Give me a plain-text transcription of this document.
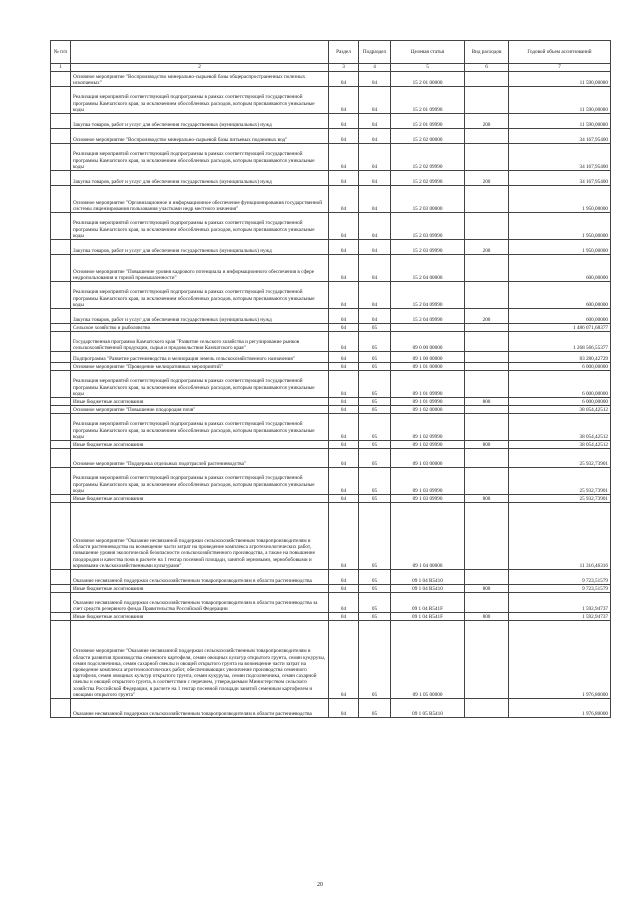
№ п/п		Раздел	Подраздел	Целевая статья	Вид расходов	Годовой объем ассигнований
1	2	3	4	5	6	7
	Основное мероприятие "Воспроизводство минерально-сырьевой базы общераспространенных полезных ископаемых"	04	04	15 2 01 00000		11 590,00000
	Реализация мероприятий соответствующей подпрограммы в рамках соответствующей государственной программы Камчатского края, за исключением обособленных расходов, которым присваиваются уникальные коды	04	04	15 2 01 09990		11 590,00000
	Закупка товаров, работ и услуг для обеспечения государственных (муниципальных) нужд	04	04	15 2 01 09990	200	11 590,00000
	Основное мероприятие "Воспроизводство минерально-сырьевой базы питьевых подземных вод"	04	04	15 2 02 00000		34 167,95400
	Реализация мероприятий соответствующей подпрограммы в рамках соответствующей государственной программы Камчатского края, за исключением обособленных расходов, которым присваиваются уникальные коды	04	04	15 2 02 09990		34 167,95400
	Закупка товаров, работ и услуг для обеспечения государственных (муниципальных) нужд	04	04	15 2 02 09990	200	34 167,95400
	Основное мероприятие "Организационное и информационное обеспечение функционирования государственной системы лицензирования пользования участками недр местного значения"	04	04	15 2 03 00000		1 950,00000
	Реализация мероприятий соответствующей подпрограммы в рамках соответствующей государственной программы Камчатского края, за исключением обособленных расходов, которым присваиваются уникальные коды	04	04	15 2 03 09990		1 950,00000
	Закупка товаров, работ и услуг для обеспечения государственных (муниципальных) нужд	04	04	15 2 03 09990	200	1 950,00000
	Основное мероприятие "Повышение уровня кадрового потенциала и информационного обеспечения в сфере недропользования и горной промышленности"	04	04	15 2 04 00000		600,00000
	Реализация мероприятий соответствующей подпрограммы в рамках соответствующей государственной программы Камчатского края, за исключением обособленных расходов, которым присваиваются уникальные коды	04	04	15 2 04 09990		600,00000
	Закупка товаров, работ и услуг для обеспечения государственных (муниципальных) нужд	04	04	15 2 04 09990	200	600,00000
	Сельское хозяйство и рыболовство	04	05			1 486 071,68377
	Государственная программа Камчатского края "Развитие сельского хозяйства и регулирование рынков сельскохозяйственной продукции, сырья и продовольствия Камчатского края"	04	05	09 0 00 00000		1 268 566,55377
	Подпрограмма "Развитие растениеводства и мелиорация земель сельскохозяйственного назначения"	04	05	09 1 00 00000		83 280,42729
	Основное мероприятие "Проведение мелиоративных мероприятий"	04	05	09 1 01 00000		6 000,00000
	Реализация мероприятий соответствующей подпрограммы в рамках соответствующей государственной программы Камчатского края, за исключением обособленных расходов, которым присваиваются уникальные коды	04	05	09 1 01 09990		6 000,00000
	Иные бюджетные ассигнования	04	05	09 1 01 09990	800	6 000,00000
	Основное мероприятие "Повышение плодородия почв"	04	05	09 1 02 00000		38 054,42512
	Реализация мероприятий соответствующей подпрограммы в рамках соответствующей государственной программы Камчатского края, за исключением обособленных расходов, которым присваиваются уникальные коды	04	05	09 1 02 09990		38 054,42512
	Иные бюджетные ассигнования	04	05	09 1 02 09990	800	38 054,42512
	Основное мероприятие "Поддержка отдельных подотраслей растениеводства"	04	05	09 1 03 00000		25 932,73901
	Реализация мероприятий соответствующей подпрограммы в рамках соответствующей государственной программы Камчатского края, за исключением обособленных расходов, которым присваиваются уникальные коды	04	05	09 1 03 09990		25 932,73901
	Иные бюджетные ассигнования	04	05	09 1 03 09990	800	25 932,73901
	Основное мероприятие "Оказание несвязанной поддержки сельскохозяйственным товаропроизводителям в области растениеводства на возмещение части затрат на проведение комплекса агротехнологических работ, повышение уровня экологической безопасности сельскохозяйственного производства, а также на повышение плодородия и качества почв в расчете на 1 гектар посевной площади, занятой зерновыми, зернобобовыми и кормовыми сельскохозяйственными культурами"	04	05	09 1 04 00000		11 316,46316
	Оказание несвязанной поддержки сельскохозяйственным товаропроизводителям в области растениеводства	04	05	09 1 04 R5410		9 723,51579
	Иные бюджетные ассигнования	04	05	09 1 04 R5410	800	9 723,51579
	Оказание несвязанной поддержки сельскохозяйственным товаропроизводителям в области растениеводства за счет средств резервного фонда Правительства Российской Федерации	04	05	09 1 04 R541F		1 592,94737
	Иные бюджетные ассигнования	04	05	09 1 04 R541F	800	1 592,94737
	Основное мероприятие "Оказание несвязанной поддержки сельскохозяйственным товаропроизводителям в области развития производства семенного картофеля, семян овощных культур открытого грунта, семян кукурузы, семян подсолнечника, семян сахарной свеклы и овощей открытого грунта на возмещение части затрат на проведение комплекса агротехнологических работ, обеспечивающих увеличение производства семенного картофеля, семян овощных культур открытого грунта, семян кукурузы, семян подсолнечника, семян сахарной свеклы и овощей открытого грунта, в соответствии с перечнем, утверждаемым Министерством сельского хозяйства Российской Федерации, в расчете на 1 гектар посевной площади занятой семенным картофелем и овощами открытого грунта"	04	05	09 1 05 00000		1 976,80000
	Оказание несвязанной поддержки сельскохозяйственным товаропроизводителям в области растениеводства	04	05	09 1 05 R5410		1 976,80000
20
